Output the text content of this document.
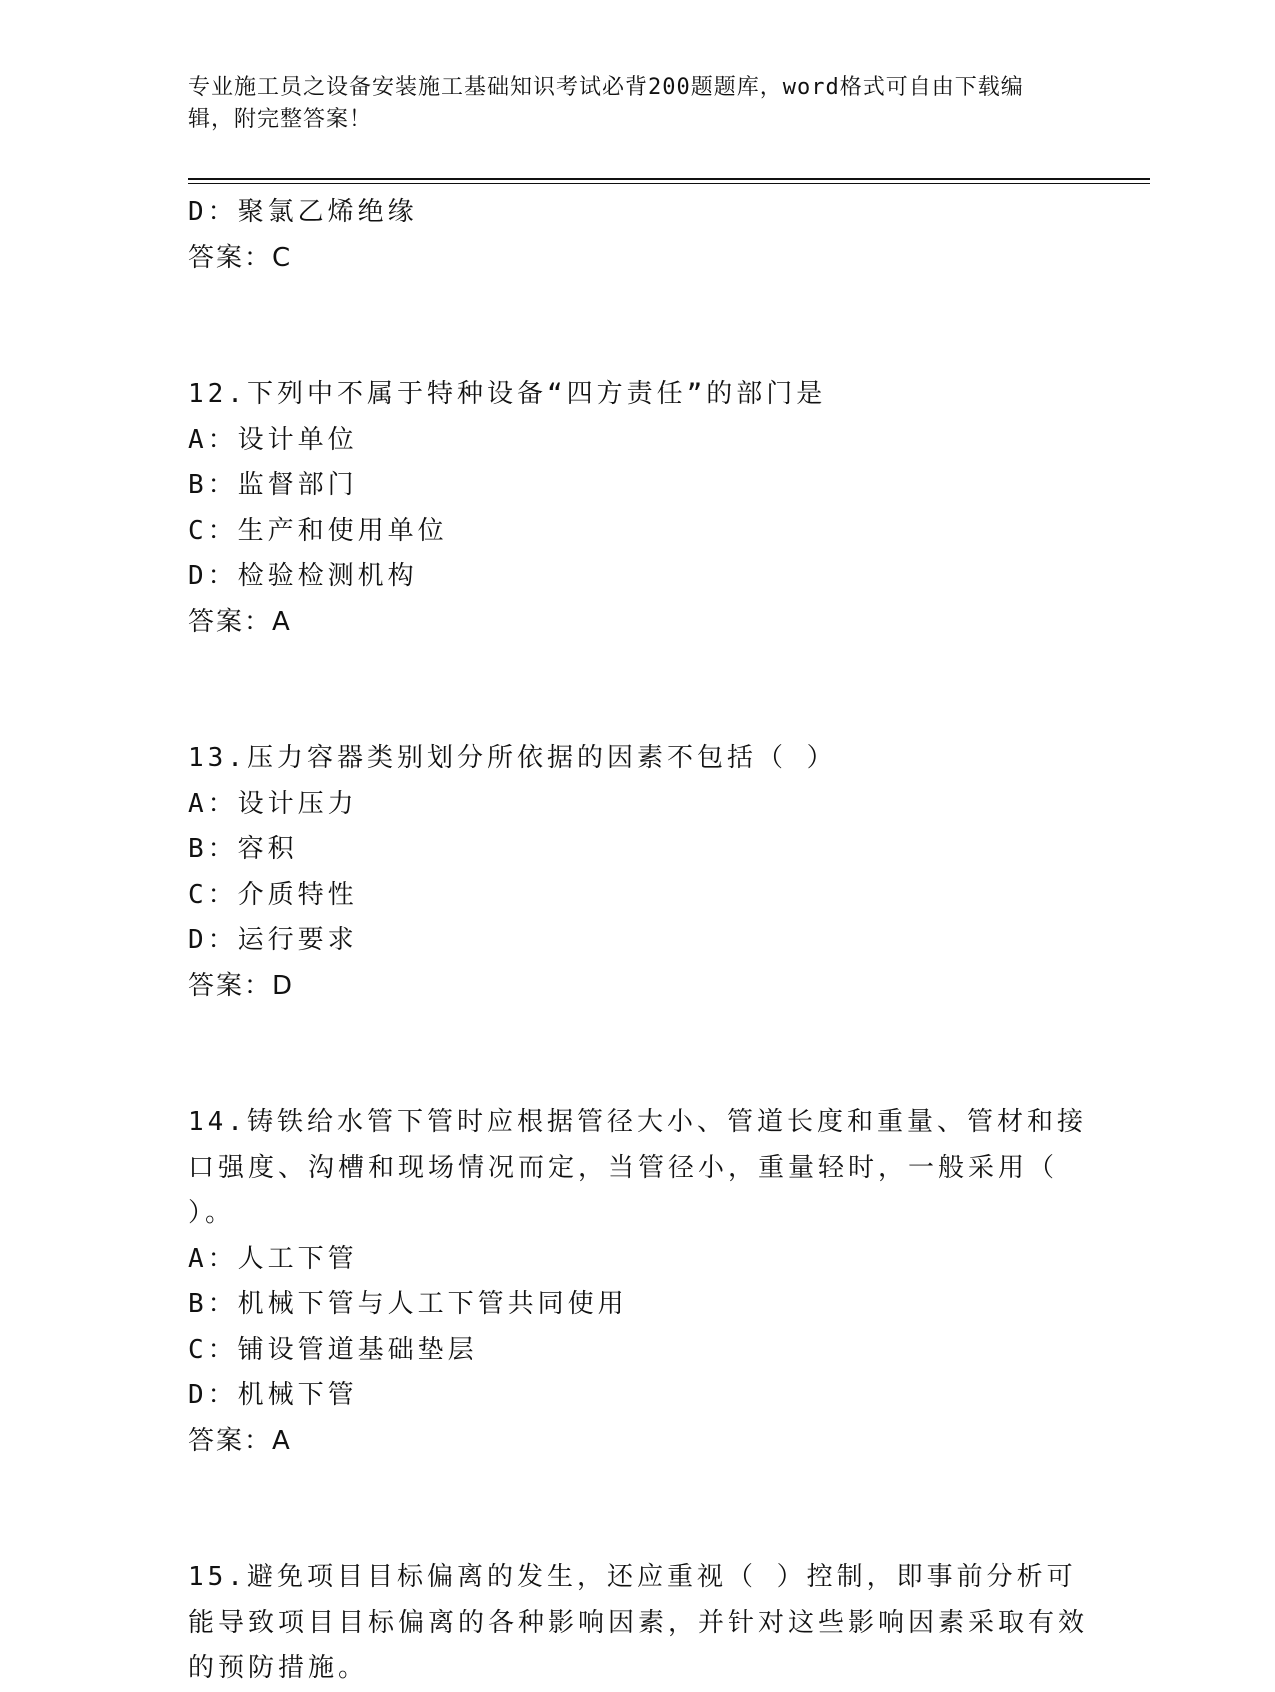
专业施工员之设备安装施工基础知识考试必背200题题库，word格式可自由下载编辑，附完整答案！

D：聚氯乙烯绝缘

答案：C

12.下列中不属于特种设备“四方责任”的部门是

A：设计单位

B：监督部门

C：生产和使用单位

D：检验检测机构

答案：A

13.压力容器类别划分所依据的因素不包括（ ）

A：设计压力

B：容积

C：介质特性

D：运行要求

答案：D

14.铸铁给水管下管时应根据管径大小、管道长度和重量、管材和接口强度、沟槽和现场情况而定，当管径小，重量轻时，一般采用（ ）。

A：人工下管

B：机械下管与人工下管共同使用

C：铺设管道基础垫层

D：机械下管

答案：A

15.避免项目目标偏离的发生，还应重视（ ）控制，即事前分析可能导致项目目标偏离的各种影响因素，并针对这些影响因素采取有效的预防措施。
